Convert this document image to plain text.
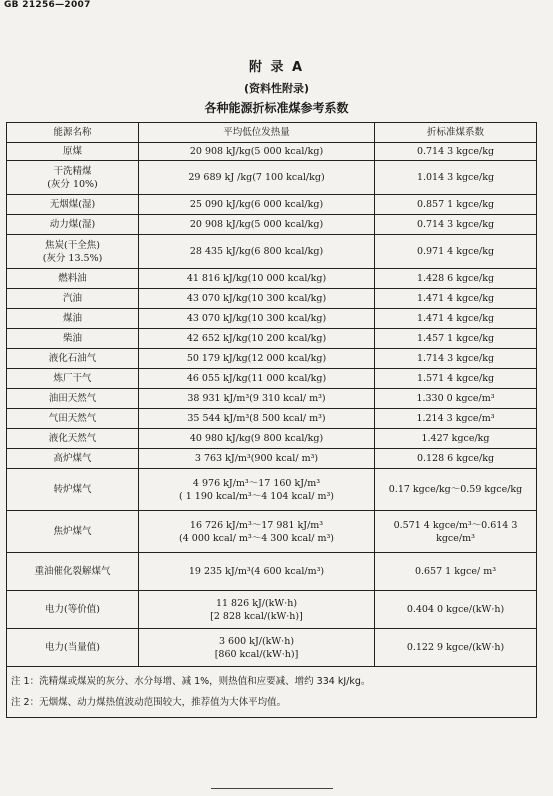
GB 21256—2007
附 录 A
(资料性附录)
各种能源折标准煤参考系数
能源名称	平均低位发热量	折标准煤系数

原煤	20 908 kJ/kg(5 000 kcal/kg)	0.714 3 kgce/kg

干洗精煤
(灰分 10%)	29 689 kJ /kg(7 100 kcal/kg)	1.014 3 kgce/kg

无烟煤(湿)	25 090 kJ/kg(6 000 kcal/kg)	0.857 1 kgce/kg

动力煤(湿)	20 908 kJ/kg(5 000 kcal/kg)	0.714 3 kgce/kg

焦炭(干全焦)
(灰分 13.5%)	28 435 kJ/kg(6 800 kcal/kg)	0.971 4 kgce/kg

燃料油	41 816 kJ/kg(10 000 kcal/kg)	1.428 6 kgce/kg

汽油	43 070 kJ/kg(10 300 kcal/kg)	1.471 4 kgce/kg

煤油	43 070 kJ/kg(10 300 kcal/kg)	1.471 4 kgce/kg

柴油	42 652 kJ/kg(10 200 kcal/kg)	1.457 1 kgce/kg

液化石油气	50 179 kJ/kg(12 000 kcal/kg)	1.714 3 kgce/kg

炼厂干气	46 055 kJ/kg(11 000 kcal/kg)	1.571 4 kgce/kg

油田天然气	38 931 kJ/m³(9 310 kcal/ m³)	1.330 0 kgce/m³

气田天然气	35 544 kJ/m³(8 500 kcal/ m³)	1.214 3 kgce/m³

液化天然气	40 980 kJ/kg(9 800 kcal/kg)	1.427 kgce/kg

高炉煤气	3 763 kJ/m³(900 kcal/ m³)	0.128 6 kgce/kg

转炉煤气	4 976 kJ/m³～17 160 kJ/m³
( 1 190 kcal/m³～4 104 kcal/ m³)	0.17 kgce/kg～0.59 kgce/kg

焦炉煤气	16 726 kJ/m³～17 981 kJ/m³
(4 000 kcal/ m³～4 300 kcal/ m³)	0.571 4 kgce/m³～0.614 3 kgce/m³

重油催化裂解煤气	19 235 kJ/m³(4 600 kcal/m³)	0.657 1 kgce/ m³

电力(等价值)	11 826 kJ/(kW·h)
[2 828 kcal/(kW·h)]	0.404 0 kgce/(kW·h)

电力(当量值)	3 600 kJ/(kW·h)
[860 kcal/(kW·h)]	0.122 9 kgce/(kW·h)

注 1：洗精煤或煤炭的灰分、水分每增、减 1%，则热值和应要减、增约 334 kJ/kg。
注 2：无烟煤、动力煤热值波动范围较大，推荐值为大体平均值。		
